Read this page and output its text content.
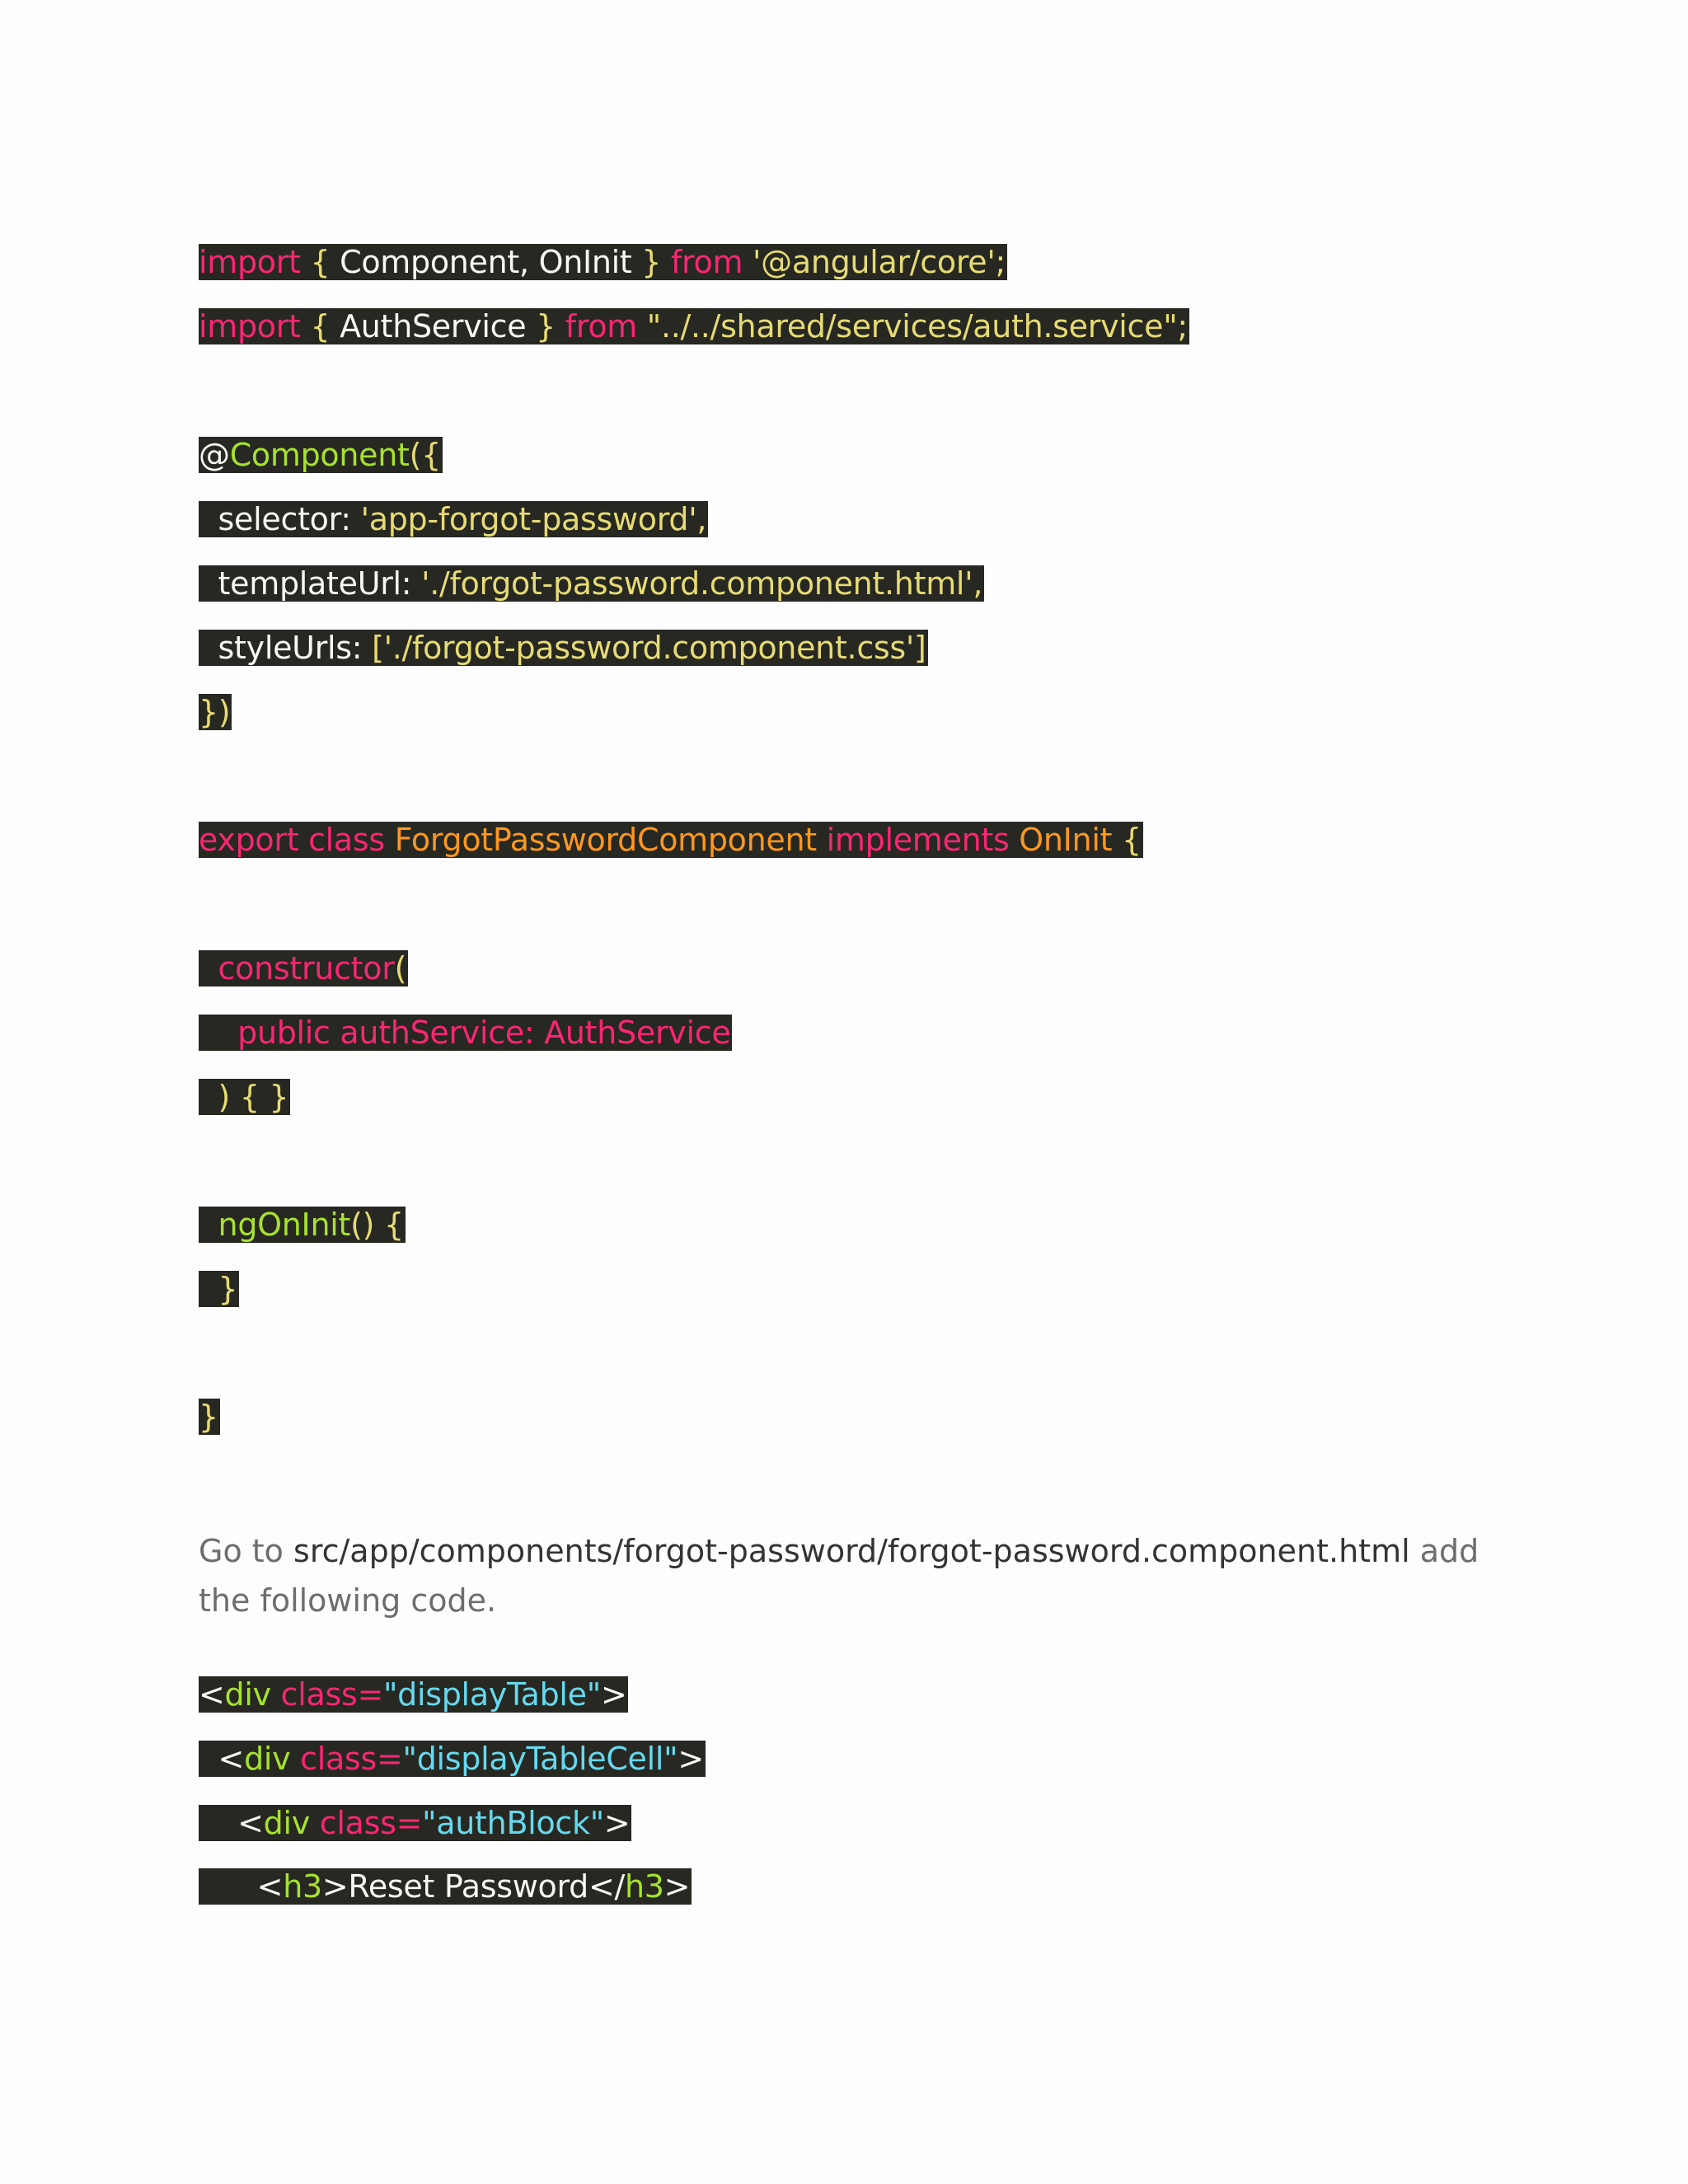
import { Component, OnInit } from '@angular/core';
import { AuthService } from "../../shared/services/auth.service";
@Component({
selector: 'app-forgot-password',
templateUrl: './forgot-password.component.html',
styleUrls: ['./forgot-password.component.css']
})
export class ForgotPasswordComponent implements OnInit {
constructor(
public authService: AuthService
) { }
ngOnInit() {
}
}

Go to src/app/components/forgot-password/forgot-password.component.html add the following code.

<div class="displayTable">
<div class="displayTableCell">
<div class="authBlock">
<h3>Reset Password</h3>
